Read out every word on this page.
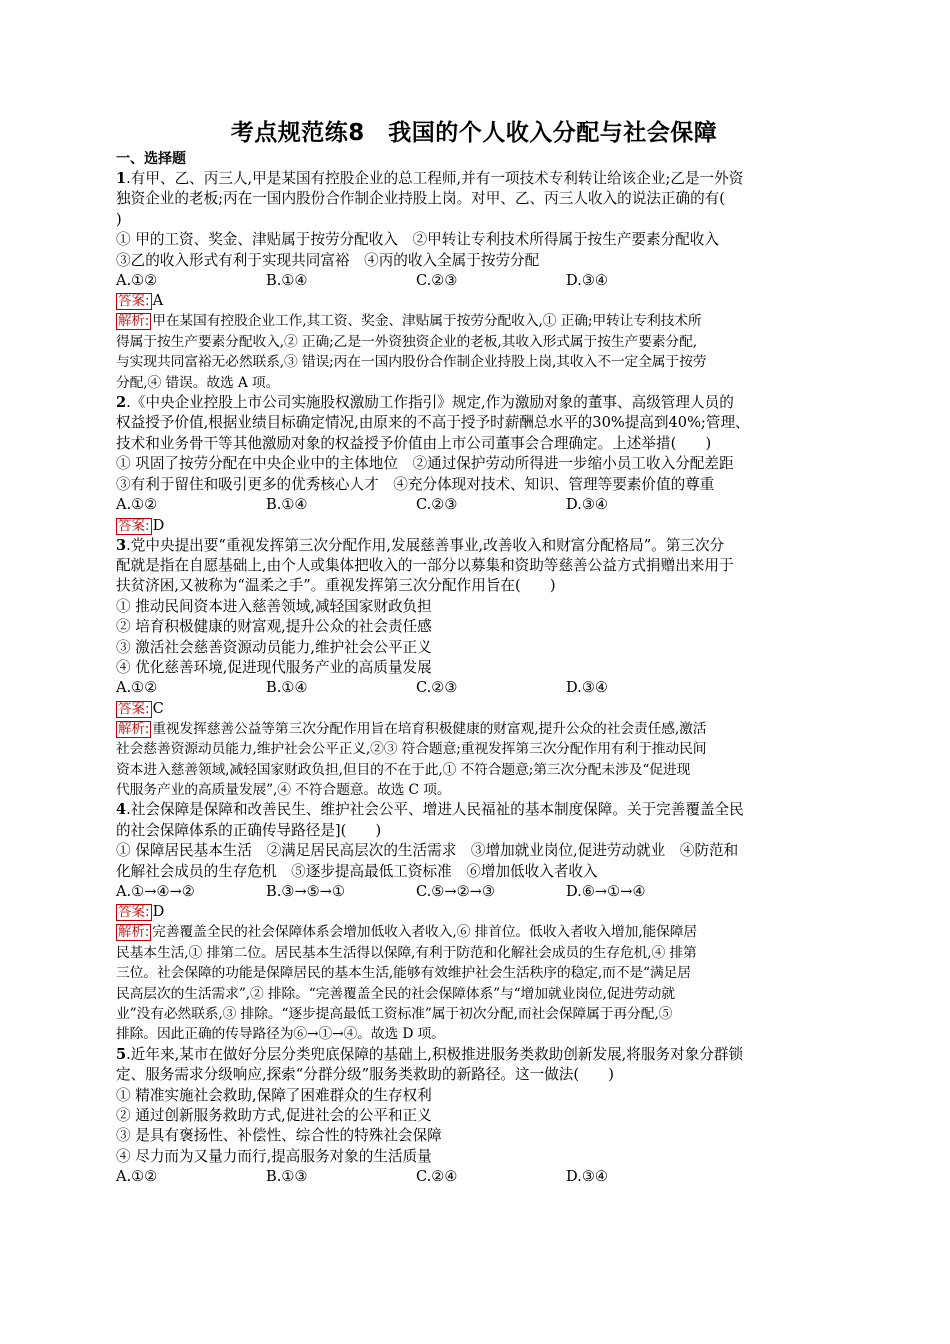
考点规范练8　我国的个人收入分配与社会保障
一、选择题
1.有甲、乙、丙三人,甲是某国有控股企业的总工程师,并有一项技术专利转让给该企业;乙是一外资
独资企业的老板;丙在一国内股份合作制企业持股上岗。对甲、乙、丙三人收入的说法正确的有(
)
① 甲的工资、奖金、津贴属于按劳分配收入　②甲转让专利技术所得属于按生产要素分配收入
③乙的收入形式有利于实现共同富裕　④丙的收入全属于按劳分配
A.①②	B.①④	C.②③	D.③④
答案: A
解析: 甲在某国有控股企业工作,其工资、奖金、津贴属于按劳分配收入,① 正确;甲转让专利技术所
得属于按生产要素分配收入,② 正确;乙是一外资独资企业的老板,其收入形式属于按生产要素分配,
与实现共同富裕无必然联系,③ 错误;丙在一国内股份合作制企业持股上岗,其收入不一定全属于按劳
分配,④ 错误。故选 A 项。
2.《中央企业控股上市公司实施股权激励工作指引》规定,作为激励对象的董事、高级管理人员的
权益授予价值,根据业绩目标确定情况,由原来的不高于授予时薪酬总水平的30%提高到40%;管理、
技术和业务骨干等其他激励对象的权益授予价值由上市公司董事会合理确定。上述举措(　　)
① 巩固了按劳分配在中央企业中的主体地位　②通过保护劳动所得进一步缩小员工收入分配差距
③有利于留住和吸引更多的优秀核心人才　④充分体现对技术、知识、管理等要素价值的尊重
A.①②	B.①④	C.②③	D.③④
答案: D
3.党中央提出要“重视发挥第三次分配作用,发展慈善事业,改善收入和财富分配格局”。第三次分
配就是指在自愿基础上,由个人或集体把收入的一部分以募集和资助等慈善公益方式捐赠出来用于
扶贫济困,又被称为“温柔之手”。重视发挥第三次分配作用旨在(　　)
① 推动民间资本进入慈善领域,减轻国家财政负担
② 培育积极健康的财富观,提升公众的社会责任感
③ 激活社会慈善资源动员能力,维护社会公平正义
④ 优化慈善环境,促进现代服务产业的高质量发展
A.①②	B.①④	C.②③	D.③④
答案: C
解析: 重视发挥慈善公益等第三次分配作用旨在培育积极健康的财富观,提升公众的社会责任感,激活
社会慈善资源动员能力,维护社会公平正义,②③ 符合题意;重视发挥第三次分配作用有利于推动民间
资本进入慈善领域,减轻国家财政负担,但目的不在于此,① 不符合题意;第三次分配未涉及“促进现
代服务产业的高质量发展”,④ 不符合题意。故选 C 项。
4.社会保障是保障和改善民生、维护社会公平、增进人民福祉的基本制度保障。关于完善覆盖全民
的社会保障体系的正确传导路径是](　　)
① 保障居民基本生活　②满足居民高层次的生活需求　③增加就业岗位,促进劳动就业　④防范和
化解社会成员的生存危机　⑤逐步提高最低工资标准　⑥增加低收入者收入
A.①→④→②	B.③→⑤→①	C.⑤→②→③	D.⑥→①→④
答案: D
解析: 完善覆盖全民的社会保障体系会增加低收入者收入,⑥ 排首位。低收入者收入增加,能保障居
民基本生活,① 排第二位。居民基本生活得以保障,有利于防范和化解社会成员的生存危机,④ 排第
三位。社会保障的功能是保障居民的基本生活,能够有效维护社会生活秩序的稳定,而不是“满足居
民高层次的生活需求”,② 排除。“完善覆盖全民的社会保障体系”与“增加就业岗位,促进劳动就
业”没有必然联系,③ 排除。“逐步提高最低工资标准”属于初次分配,而社会保障属于再分配,⑤
排除。因此正确的传导路径为⑥→①→④。故选 D 项。
5.近年来,某市在做好分层分类兜底保障的基础上,积极推进服务类救助创新发展,将服务对象分群锁
定、服务需求分级响应,探索“分群分级”服务类救助的新路径。这一做法(　　)
① 精准实施社会救助,保障了困难群众的生存权利
② 通过创新服务救助方式,促进社会的公平和正义
③ 是具有褒扬性、补偿性、综合性的特殊社会保障
④ 尽力而为又量力而行,提高服务对象的生活质量
A.①②	B.①③	C.②④	D.③④
